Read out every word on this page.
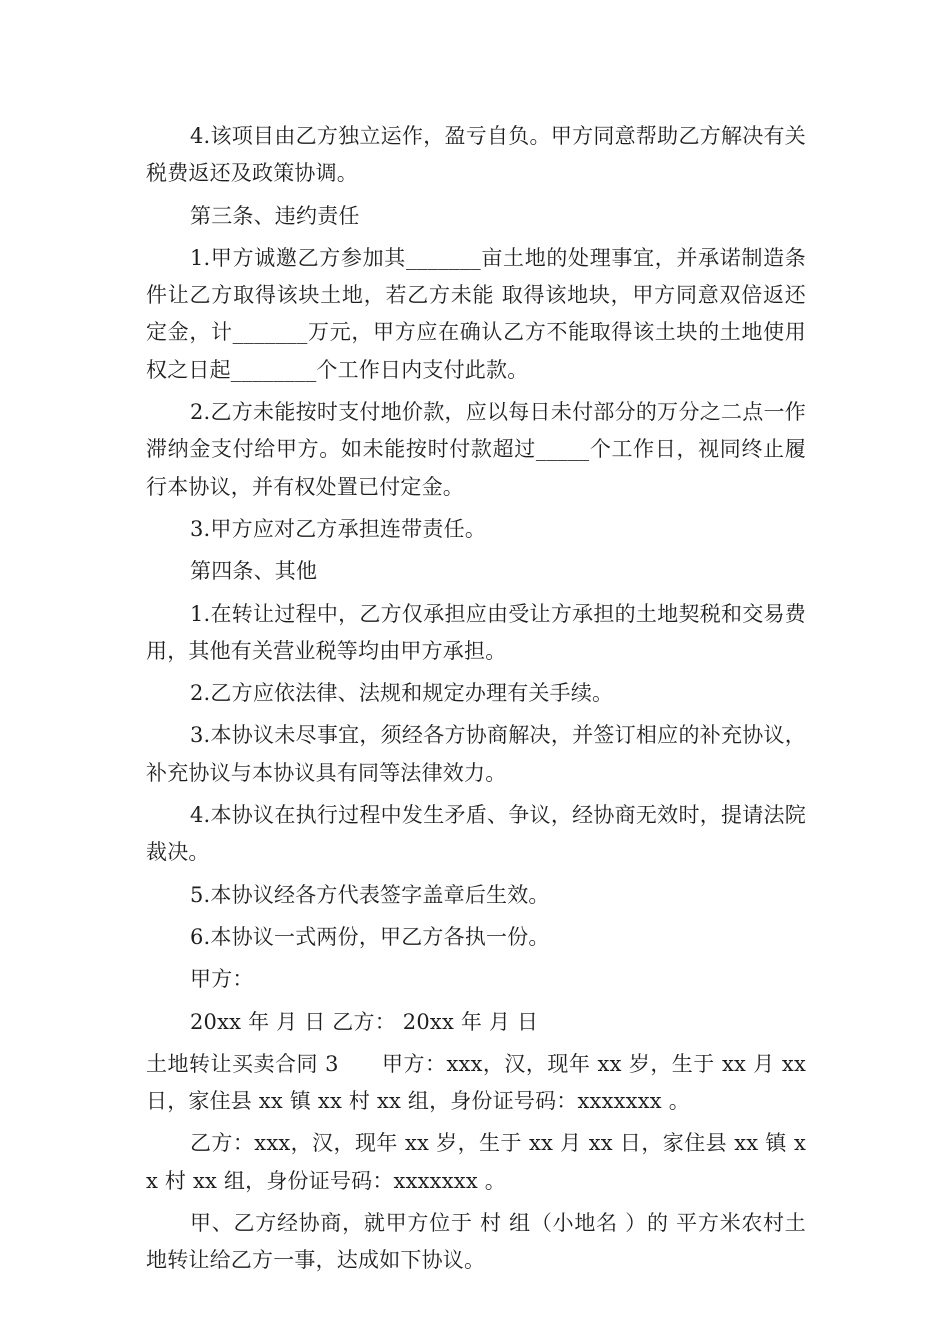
4.该项目由乙方独立运作，盈亏自负。甲方同意帮助乙方解决有关税费返还及政策协调。

第三条、违约责任

1.甲方诚邀乙方参加其_______亩土地的处理事宜，并承诺制造条件让乙方取得该块土地，若乙方未能 取得该地块，甲方同意双倍返还定金，计_______万元，甲方应在确认乙方不能取得该土块的土地使用权之日起________个工作日内支付此款。

2.乙方未能按时支付地价款，应以每日未付部分的万分之二点一作滞纳金支付给甲方。如未能按时付款超过_____个工作日，视同终止履行本协议，并有权处置已付定金。

3.甲方应对乙方承担连带责任。

第四条、其他

1.在转让过程中，乙方仅承担应由受让方承担的土地契税和交易费用，其他有关营业税等均由甲方承担。

2.乙方应依法律、法规和规定办理有关手续。

3.本协议未尽事宜，须经各方协商解决，并签订相应的补充协议，补充协议与本协议具有同等法律效力。

4.本协议在执行过程中发生矛盾、争议，经协商无效时，提请法院裁决。

5.本协议经各方代表签字盖章后生效。

6.本协议一式两份，甲乙方各执一份。

甲方：

20xx 年 月 日 乙方： 20xx 年 月 日

土地转让买卖合同 3　　甲方：xxx，汉，现年 xx 岁，生于 xx 月 xx 日，家住县 xx 镇 xx 村 xx 组，身份证号码：xxxxxxx 。

乙方：xxx，汉，现年 xx 岁，生于 xx 月 xx 日，家住县 xx 镇 xx 村 xx 组，身份证号码：xxxxxxx 。

甲、乙方经协商，就甲方位于 村 组（小地名 ）的 平方米农村土地转让给乙方一事，达成如下协议。
